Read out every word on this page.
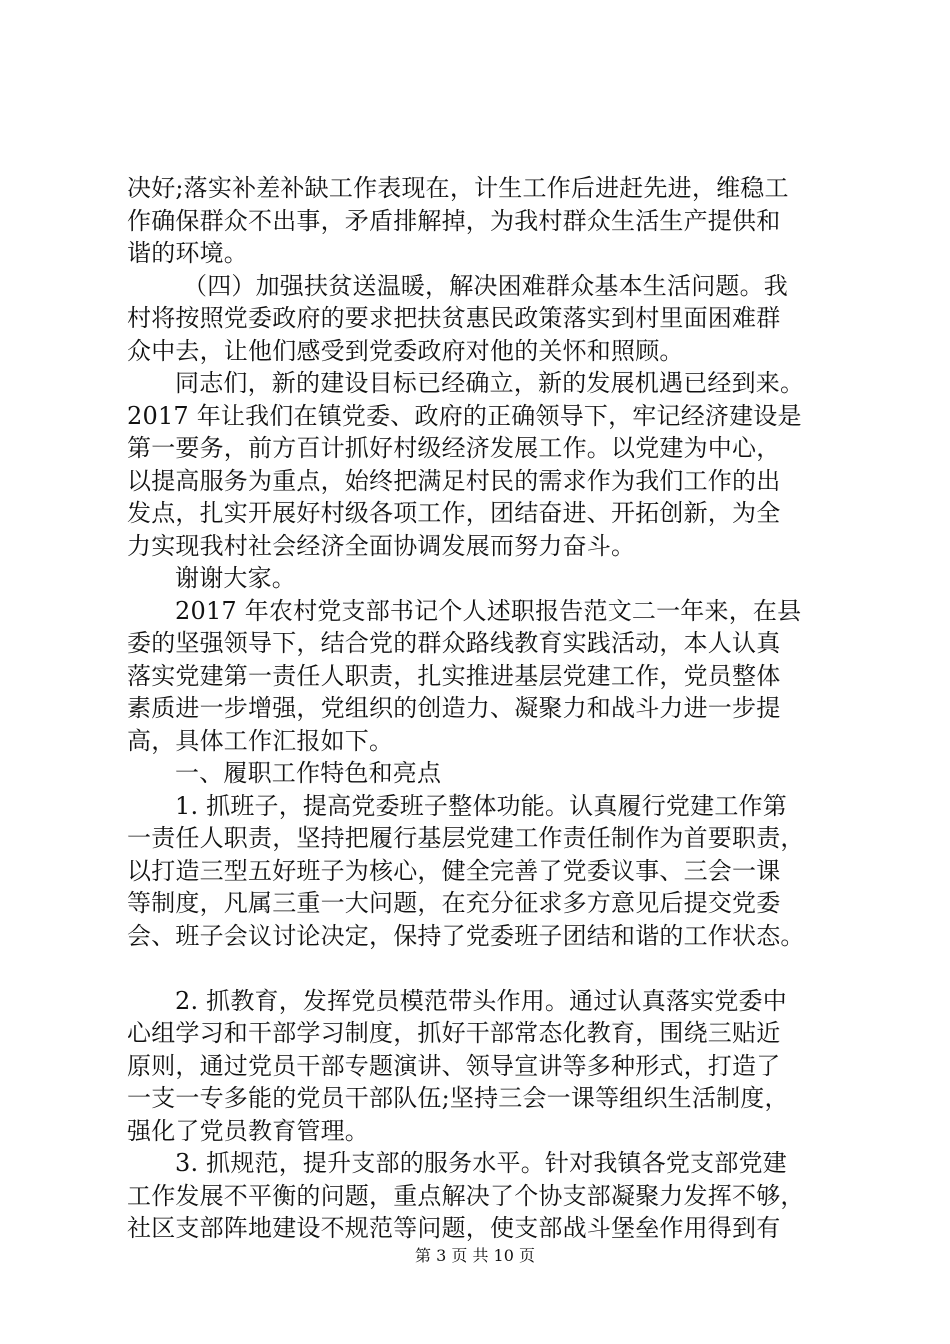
决好;落实补差补缺工作表现在，计生工作后进赶先进，维稳工
作确保群众不出事，矛盾排解掉，为我村群众生活生产提供和
谐的环境。
（四）加强扶贫送温暖，解决困难群众基本生活问题。我
村将按照党委政府的要求把扶贫惠民政策落实到村里面困难群
众中去，让他们感受到党委政府对他的关怀和照顾。
同志们，新的建设目标已经确立，新的发展机遇已经到来。
2017 年让我们在镇党委、政府的正确领导下，牢记经济建设是
第一要务，前方百计抓好村级经济发展工作。以党建为中心，
以提高服务为重点，始终把满足村民的需求作为我们工作的出
发点，扎实开展好村级各项工作，团结奋进、开拓创新，为全
力实现我村社会经济全面协调发展而努力奋斗。
谢谢大家。
2017 年农村党支部书记个人述职报告范文二一年来，在县
委的坚强领导下，结合党的群众路线教育实践活动，本人认真
落实党建第一责任人职责，扎实推进基层党建工作，党员整体
素质进一步增强，党组织的创造力、凝聚力和战斗力进一步提
高，具体工作汇报如下。
一、履职工作特色和亮点
1. 抓班子，提高党委班子整体功能。认真履行党建工作第
一责任人职责，坚持把履行基层党建工作责任制作为首要职责，
以打造三型五好班子为核心，健全完善了党委议事、三会一课
等制度，凡属三重一大问题，在充分征求多方意见后提交党委
会、班子会议讨论决定，保持了党委班子团结和谐的工作状态。
2. 抓教育，发挥党员模范带头作用。通过认真落实党委中
心组学习和干部学习制度，抓好干部常态化教育，围绕三贴近
原则，通过党员干部专题演讲、领导宣讲等多种形式，打造了
一支一专多能的党员干部队伍;坚持三会一课等组织生活制度，
强化了党员教育管理。
3. 抓规范，提升支部的服务水平。针对我镇各党支部党建
工作发展不平衡的问题，重点解决了个协支部凝聚力发挥不够，
社区支部阵地建设不规范等问题，使支部战斗堡垒作用得到有
第 3 页 共 10 页
